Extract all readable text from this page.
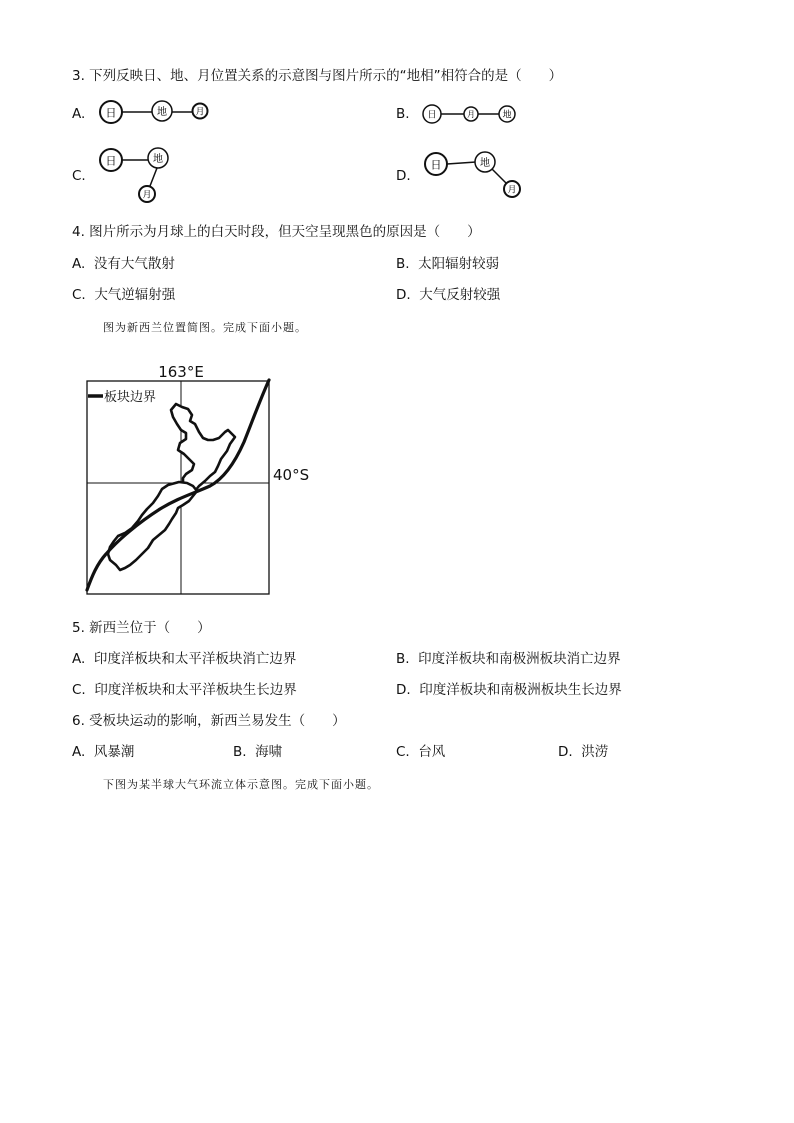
3. 下列反映日、地、月位置关系的示意图与图片所示的“地相”相符合的是（　　）
A. 日	地	月	B. 日	月	地
C.
日	地
月
D.
日	地
月
4. 图片所示为月球上的白天时段，但天空呈现黑色的原因是（　　）
A. 没有大气散射	B. 太阳辐射较弱
C. 大气逆辐射强	D. 大气反射较强
图为新西兰位置简图。完成下面小题。
板块边界
163°E
40°S
5. 新西兰位于（　　）
A. 印度洋板块和太平洋板块消亡边界	B. 印度洋板块和南极洲板块消亡边界
C. 印度洋板块和太平洋板块生长边界	D. 印度洋板块和南极洲板块生长边界
6. 受板块运动的影响，新西兰易发生（　　）
A. 风暴潮	B. 海啸	C. 台风	D. 洪涝
下图为某半球大气环流立体示意图。完成下面小题。
